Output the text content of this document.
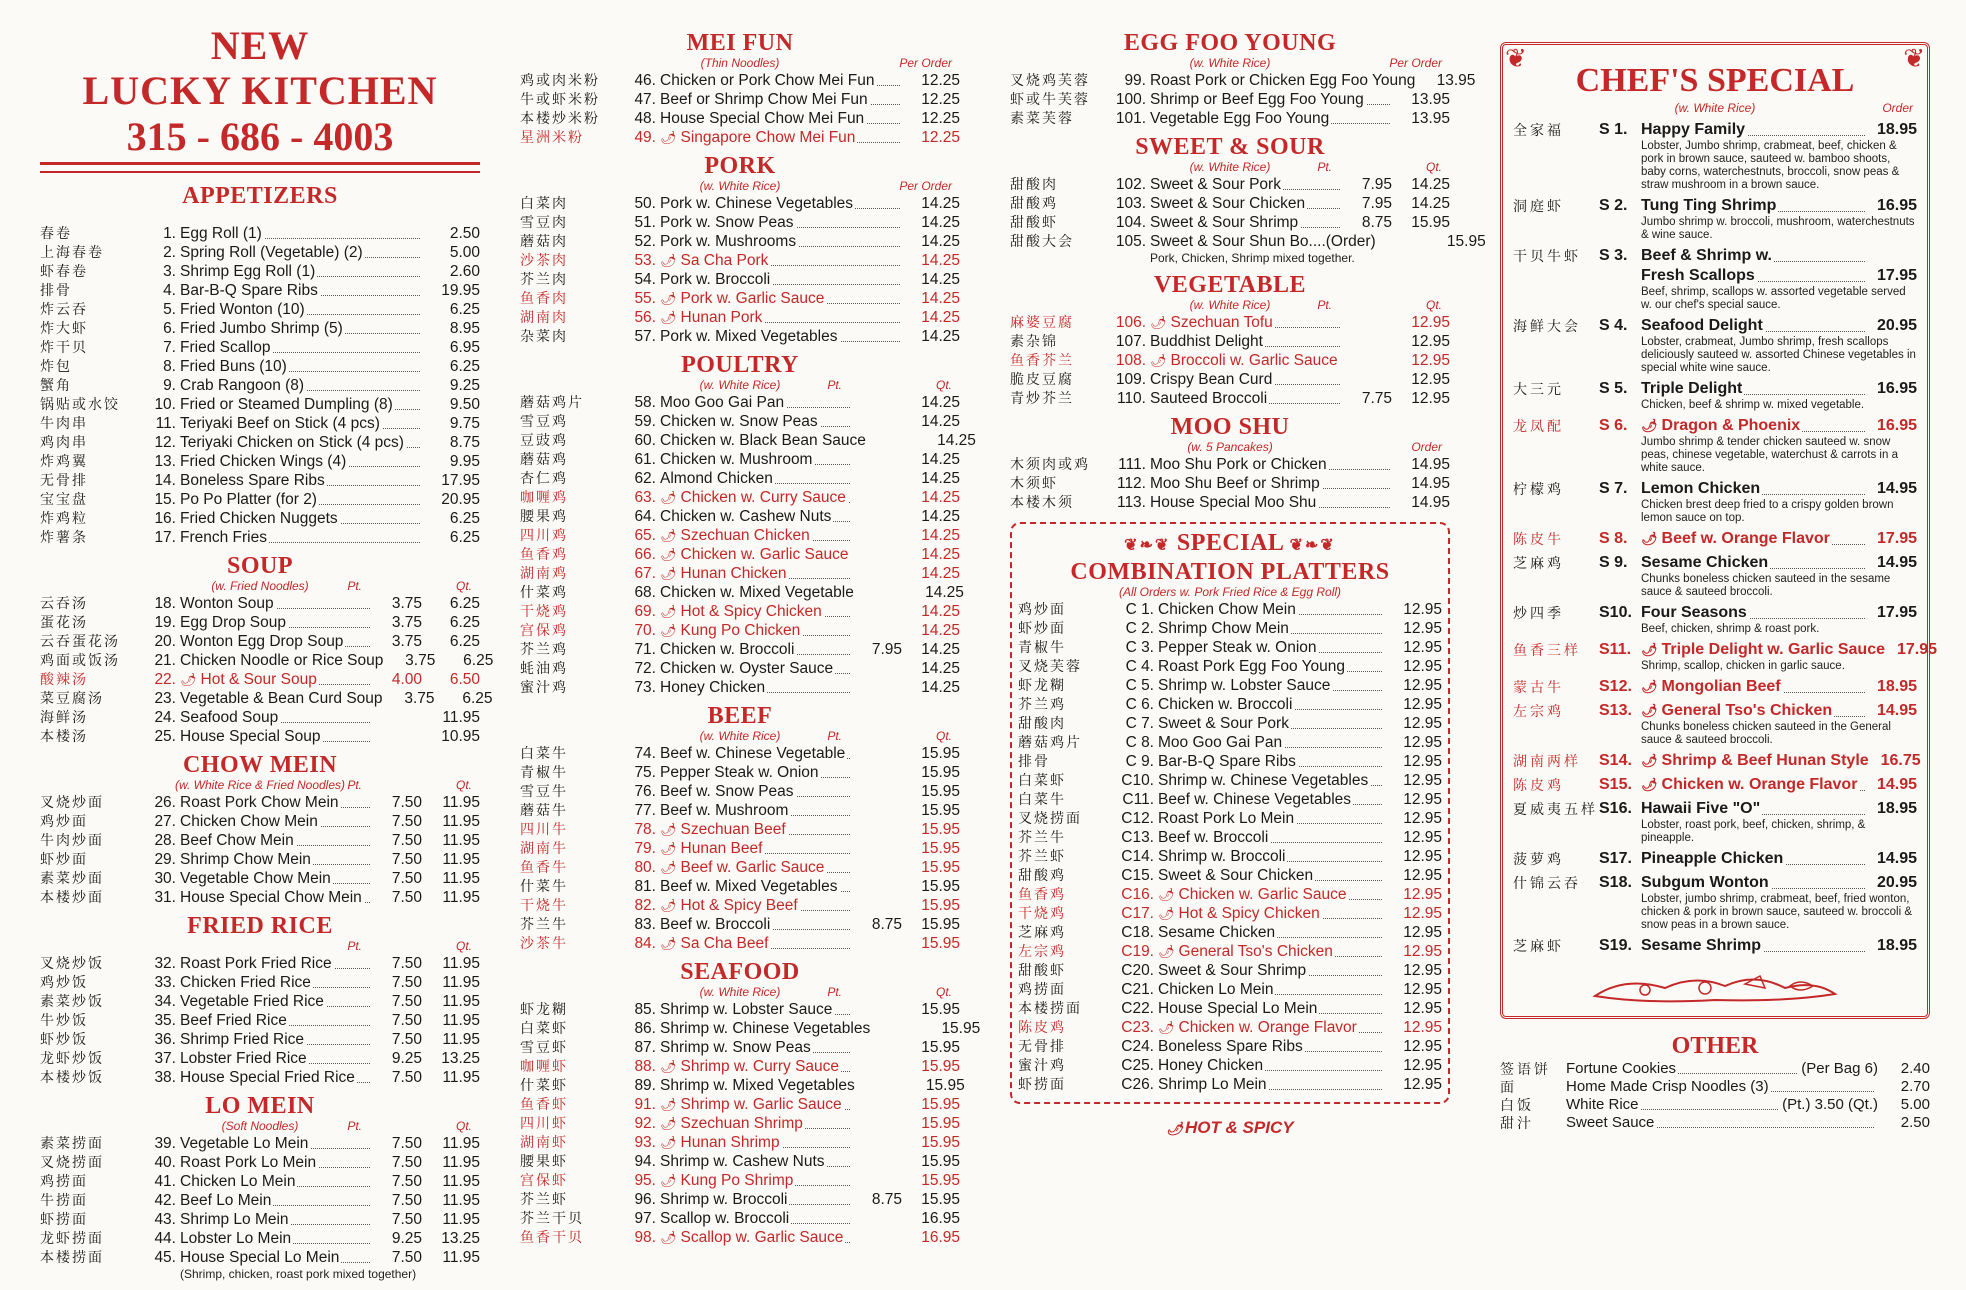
NEW
LUCKY KITCHEN
315 - 686 - 4003
APPETIZERS
春卷	1. Egg Roll (1)	2.50
上海春卷	2. Spring Roll (Vegetable) (2)	5.00
虾春卷	3. Shrimp Egg Roll (1)	2.60
排骨	4. Bar-B-Q Spare Ribs	19.95
炸云吞	5. Fried Wonton (10)	6.25
炸大虾	6. Fried Jumbo Shrimp (5)	8.95
炸干贝	7. Fried Scallop	6.95
炸包	8. Fried Buns (10)	6.25
蟹角	9. Crab Rangoon (8)	9.25
锅贴或水饺	10. Fried or Steamed Dumpling (8)	9.50
牛肉串	11. Teriyaki Beef on Stick (4 pcs)	9.75
鸡肉串	12. Teriyaki Chicken on Stick (4 pcs)	8.75
炸鸡翼	13. Fried Chicken Wings (4)	9.95
无骨排	14. Boneless Spare Ribs	17.95
宝宝盘	15. Po Po Platter (for 2)	20.95
炸鸡粒	16. Fried Chicken Nuggets	6.25
炸薯条	17. French Fries	6.25
SOUP
(w. Fried Noodles)	Pt.	Qt.
云吞汤	18. Wonton Soup	3.75	6.25
蛋花汤	19. Egg Drop Soup	3.75	6.25
云吞蛋花汤	20. Wonton Egg Drop Soup	3.75	6.25
鸡面或饭汤	21. Chicken Noodle or Rice Soup	3.75	6.25
酸辣汤	22. 🌶 Hot & Sour Soup	4.00	6.50
菜豆腐汤	23. Vegetable & Bean Curd Soup	3.75	6.25
海鲜汤	24. Seafood Soup	11.95
本楼汤	25. House Special Soup	10.95
CHOW MEIN
(w. White Rice & Fried Noodles) Pt.	Qt.
叉烧炒面	26. Roast Pork Chow Mein	7.50	11.95
鸡炒面	27. Chicken Chow Mein	7.50	11.95
牛肉炒面	28. Beef Chow Mein	7.50	11.95
虾炒面	29. Shrimp Chow Mein	7.50	11.95
素菜炒面	30. Vegetable Chow Mein	7.50	11.95
本楼炒面	31. House Special Chow Mein	7.50	11.95
FRIED RICE
Pt.	Qt.
叉烧炒饭	32. Roast Pork Fried Rice	7.50	11.95
鸡炒饭	33. Chicken Fried Rice	7.50	11.95
素菜炒饭	34. Vegetable Fried Rice	7.50	11.95
牛炒饭	35. Beef Fried Rice	7.50	11.95
虾炒饭	36. Shrimp Fried Rice	7.50	11.95
龙虾炒饭	37. Lobster Fried Rice	9.25	13.25
本楼炒饭	38. House Special Fried Rice	7.50	11.95
LO MEIN
(Soft Noodles)	Pt.	Qt.
素菜捞面	39. Vegetable Lo Mein	7.50	11.95
叉烧捞面	40. Roast Pork Lo Mein	7.50	11.95
鸡捞面	41. Chicken Lo Mein	7.50	11.95
牛捞面	42. Beef Lo Mein	7.50	11.95
虾捞面	43. Shrimp Lo Mein	7.50	11.95
龙虾捞面	44. Lobster Lo Mein	9.25	13.25
本楼捞面	45. House Special Lo Mein	7.50	11.95
(Shrimp, chicken, roast pork mixed together)
MEI FUN
(Thin Noodles)	Per Order
鸡或肉米粉	46. Chicken or Pork Chow Mei Fun	12.25
牛或虾米粉	47. Beef or Shrimp Chow Mei Fun	12.25
本楼炒米粉	48. House Special Chow Mei Fun	12.25
星洲米粉	49. 🌶 Singapore Chow Mei Fun	12.25
PORK
(w. White Rice)	Per Order
白菜肉	50. Pork w. Chinese Vegetables	14.25
雪豆肉	51. Pork w. Snow Peas	14.25
蘑菇肉	52. Pork w. Mushrooms	14.25
沙茶肉	53. 🌶 Sa Cha Pork	14.25
芥兰肉	54. Pork w. Broccoli	14.25
鱼香肉	55. 🌶 Pork w. Garlic Sauce	14.25
湖南肉	56. 🌶 Hunan Pork	14.25
杂菜肉	57. Pork w. Mixed Vegetables	14.25
POULTRY
(w. White Rice)	Pt.	Qt.
蘑菇鸡片	58. Moo Goo Gai Pan	14.25
雪豆鸡	59. Chicken w. Snow Peas	14.25
豆豉鸡	60. Chicken w. Black Bean Sauce	14.25
蘑菇鸡	61. Chicken w. Mushroom	14.25
杏仁鸡	62. Almond Chicken	14.25
咖喱鸡	63. 🌶 Chicken w. Curry Sauce	14.25
腰果鸡	64. Chicken w. Cashew Nuts	14.25
四川鸡	65. 🌶 Szechuan Chicken	14.25
鱼香鸡	66. 🌶 Chicken w. Garlic Sauce	14.25
湖南鸡	67. 🌶 Hunan Chicken	14.25
什菜鸡	68. Chicken w. Mixed Vegetable	14.25
干烧鸡	69. 🌶 Hot & Spicy Chicken	14.25
宫保鸡	70. 🌶 Kung Po Chicken	14.25
芥兰鸡	71. Chicken w. Broccoli	7.95	14.25
蚝油鸡	72. Chicken w. Oyster Sauce	14.25
蜜汁鸡	73. Honey Chicken	14.25
BEEF
(w. White Rice)	Pt.	Qt.
白菜牛	74. Beef w. Chinese Vegetable	15.95
青椒牛	75. Pepper Steak w. Onion	15.95
雪豆牛	76. Beef w. Snow Peas	15.95
蘑菇牛	77. Beef w. Mushroom	15.95
四川牛	78. 🌶 Szechuan Beef	15.95
湖南牛	79. 🌶 Hunan Beef	15.95
鱼香牛	80. 🌶 Beef w. Garlic Sauce	15.95
什菜牛	81. Beef w. Mixed Vegetables	15.95
干烧牛	82. 🌶 Hot & Spicy Beef	15.95
芥兰牛	83. Beef w. Broccoli	8.75	15.95
沙茶牛	84. 🌶 Sa Cha Beef	15.95
SEAFOOD
(w. White Rice)	Pt.	Qt.
虾龙糊	85. Shrimp w. Lobster Sauce	15.95
白菜虾	86. Shrimp w. Chinese Vegetables	15.95
雪豆虾	87. Shrimp w. Snow Peas	15.95
咖喱虾	88. 🌶 Shrimp w. Curry Sauce	15.95
什菜虾	89. Shrimp w. Mixed Vegetables	15.95
鱼香虾	91. 🌶 Shrimp w. Garlic Sauce	15.95
四川虾	92. 🌶 Szechuan Shrimp	15.95
湖南虾	93. 🌶 Hunan Shrimp	15.95
腰果虾	94. Shrimp w. Cashew Nuts	15.95
宫保虾	95. 🌶 Kung Po Shrimp	15.95
芥兰虾	96. Shrimp w. Broccoli	8.75	15.95
芥兰干贝	97. Scallop w. Broccoli	16.95
鱼香干贝	98. 🌶 Scallop w. Garlic Sauce	16.95
EGG FOO YOUNG
(w. White Rice)	Per Order
叉烧鸡芙蓉	99. Roast Pork or Chicken Egg Foo Young	13.95
虾或牛芙蓉	100. Shrimp or Beef Egg Foo Young	13.95
素菜芙蓉	101. Vegetable Egg Foo Young	13.95
SWEET & SOUR
(w. White Rice)	Pt.	Qt.
甜酸肉	102. Sweet & Sour Pork	7.95	14.25
甜酸鸡	103. Sweet & Sour Chicken	7.95	14.25
甜酸虾	104. Sweet & Sour Shrimp	8.75	15.95
甜酸大会	105. Sweet & Sour Shun Bo....(Order)	15.95
Pork, Chicken, Shrimp mixed together.
VEGETABLE
(w. White Rice)	Pt.	Qt.
麻婆豆腐	106. 🌶 Szechuan Tofu	12.95
素杂锦	107. Buddhist Delight	12.95
鱼香芥兰	108. 🌶 Broccoli w. Garlic Sauce	12.95
脆皮豆腐	109. Crispy Bean Curd	12.95
青炒芥兰	110. Sauteed Broccoli	7.75	12.95
MOO SHU
(w. 5 Pancakes)	Order
木须肉或鸡	111. Moo Shu Pork or Chicken	14.95
木须虾	112. Moo Shu Beef or Shrimp	14.95
本楼木须	113. House Special Moo Shu	14.95
❦❧❦ SPECIAL ❦❧❦
COMBINATION PLATTERS
(All Orders w. Pork Fried Rice & Egg Roll)
鸡炒面	C 1. Chicken Chow Mein	12.95
虾炒面	C 2. Shrimp Chow Mein	12.95
青椒牛	C 3. Pepper Steak w. Onion	12.95
叉烧芙蓉	C 4. Roast Pork Egg Foo Young	12.95
虾龙糊	C 5. Shrimp w. Lobster Sauce	12.95
芥兰鸡	C 6. Chicken w. Broccoli	12.95
甜酸肉	C 7. Sweet & Sour Pork	12.95
蘑菇鸡片	C 8. Moo Goo Gai Pan	12.95
排骨	C 9. Bar-B-Q Spare Ribs	12.95
白菜虾	C10. Shrimp w. Chinese Vegetables	12.95
白菜牛	C11. Beef w. Chinese Vegetables	12.95
叉烧捞面	C12. Roast Pork Lo Mein	12.95
芥兰牛	C13. Beef w. Broccoli	12.95
芥兰虾	C14. Shrimp w. Broccoli	12.95
甜酸鸡	C15. Sweet & Sour Chicken	12.95
鱼香鸡	C16. 🌶 Chicken w. Garlic Sauce	12.95
干烧鸡	C17. 🌶 Hot & Spicy Chicken	12.95
芝麻鸡	C18. Sesame Chicken	12.95
左宗鸡	C19. 🌶 General Tso's Chicken	12.95
甜酸虾	C20. Sweet & Sour Shrimp	12.95
鸡捞面	C21. Chicken Lo Mein	12.95
本楼捞面	C22. House Special Lo Mein	12.95
陈皮鸡	C23. 🌶 Chicken w. Orange Flavor	12.95
无骨排	C24. Boneless Spare Ribs	12.95
蜜汁鸡	C25. Honey Chicken	12.95
虾捞面	C26. Shrimp Lo Mein	12.95
🌶 HOT & SPICY
❦	❦
CHEF'S SPECIAL
(w. White Rice)	Order
全家福	S 1. Happy Family	18.95
Lobster, Jumbo shrimp, crabmeat, beef, chicken & pork in brown sauce, sauteed w. bamboo shoots, baby corns, waterchestnuts, broccoli, snow peas & straw mushroom in a brown sauce.
洞庭虾	S 2. Tung Ting Shrimp	16.95
Jumbo shrimp w. broccoli, mushroom, waterchestnuts & wine sauce.
干贝牛虾	S 3. Beef & Shrimp w.
Fresh Scallops	17.95
Beef, shrimp, scallops w. assorted vegetable served w. our chef's special sauce.
海鲜大会	S 4. Seafood Delight	20.95
Lobster, crabmeat, Jumbo shrimp, fresh scallops deliciously sauteed w. assorted Chinese vegetables in special white wine sauce.
大三元	S 5. Triple Delight	16.95
Chicken, beef & shrimp w. mixed vegetable.
龙凤配	S 6.	🌶 Dragon & Phoenix	16.95
Jumbo shrimp & tender chicken sauteed w. snow peas, chinese vegetable, waterchust & carrots in a white sauce.
柠檬鸡	S 7. Lemon Chicken	14.95
Chicken brest deep fried to a crispy golden brown lemon sauce on top.
陈皮牛	S 8.	🌶 Beef w. Orange Flavor	17.95
芝麻鸡	S 9. Sesame Chicken	14.95
Chunks boneless chicken sauteed in the sesame sauce & sauteed broccoli.
炒四季	S10. Four Seasons	17.95
Beef, chicken, shrimp & roast pork.
鱼香三样	S11. 🌶 Triple Delight w. Garlic Sauce 17.95
Shrimp, scallop, chicken in garlic sauce.
蒙古牛	S12. 🌶 Mongolian Beef	18.95
左宗鸡	S13. 🌶 General Tso's Chicken	14.95
Chunks boneless chicken sauteed in the General sauce & sauteed broccoli.
湖南两样	S14. 🌶 Shrimp & Beef Hunan Style 16.75
陈皮鸡	S15. 🌶 Chicken w. Orange Flavor	14.95
夏威夷五样 S16. Hawaii Five "O"	18.95
Lobster, roast pork, beef, chicken, shrimp, & pineapple.
菠萝鸡	S17. Pineapple Chicken	14.95
什锦云吞	S18. Subgum Wonton	20.95
Lobster, jumbo shrimp, crabmeat, beef, fried wonton, chicken & pork in brown sauce, sauteed w. broccoli & snow peas in a brown sauce.
芝麻虾	S19. Sesame Shrimp	18.95
OTHER
签语饼	Fortune Cookies	(Per Bag 6)	2.40
面	Home Made Crisp Noodles (3)	2.70
白饭	White Rice	(Pt.) 3.50 (Qt.)	5.00
甜汁	Sweet Sauce	2.50
